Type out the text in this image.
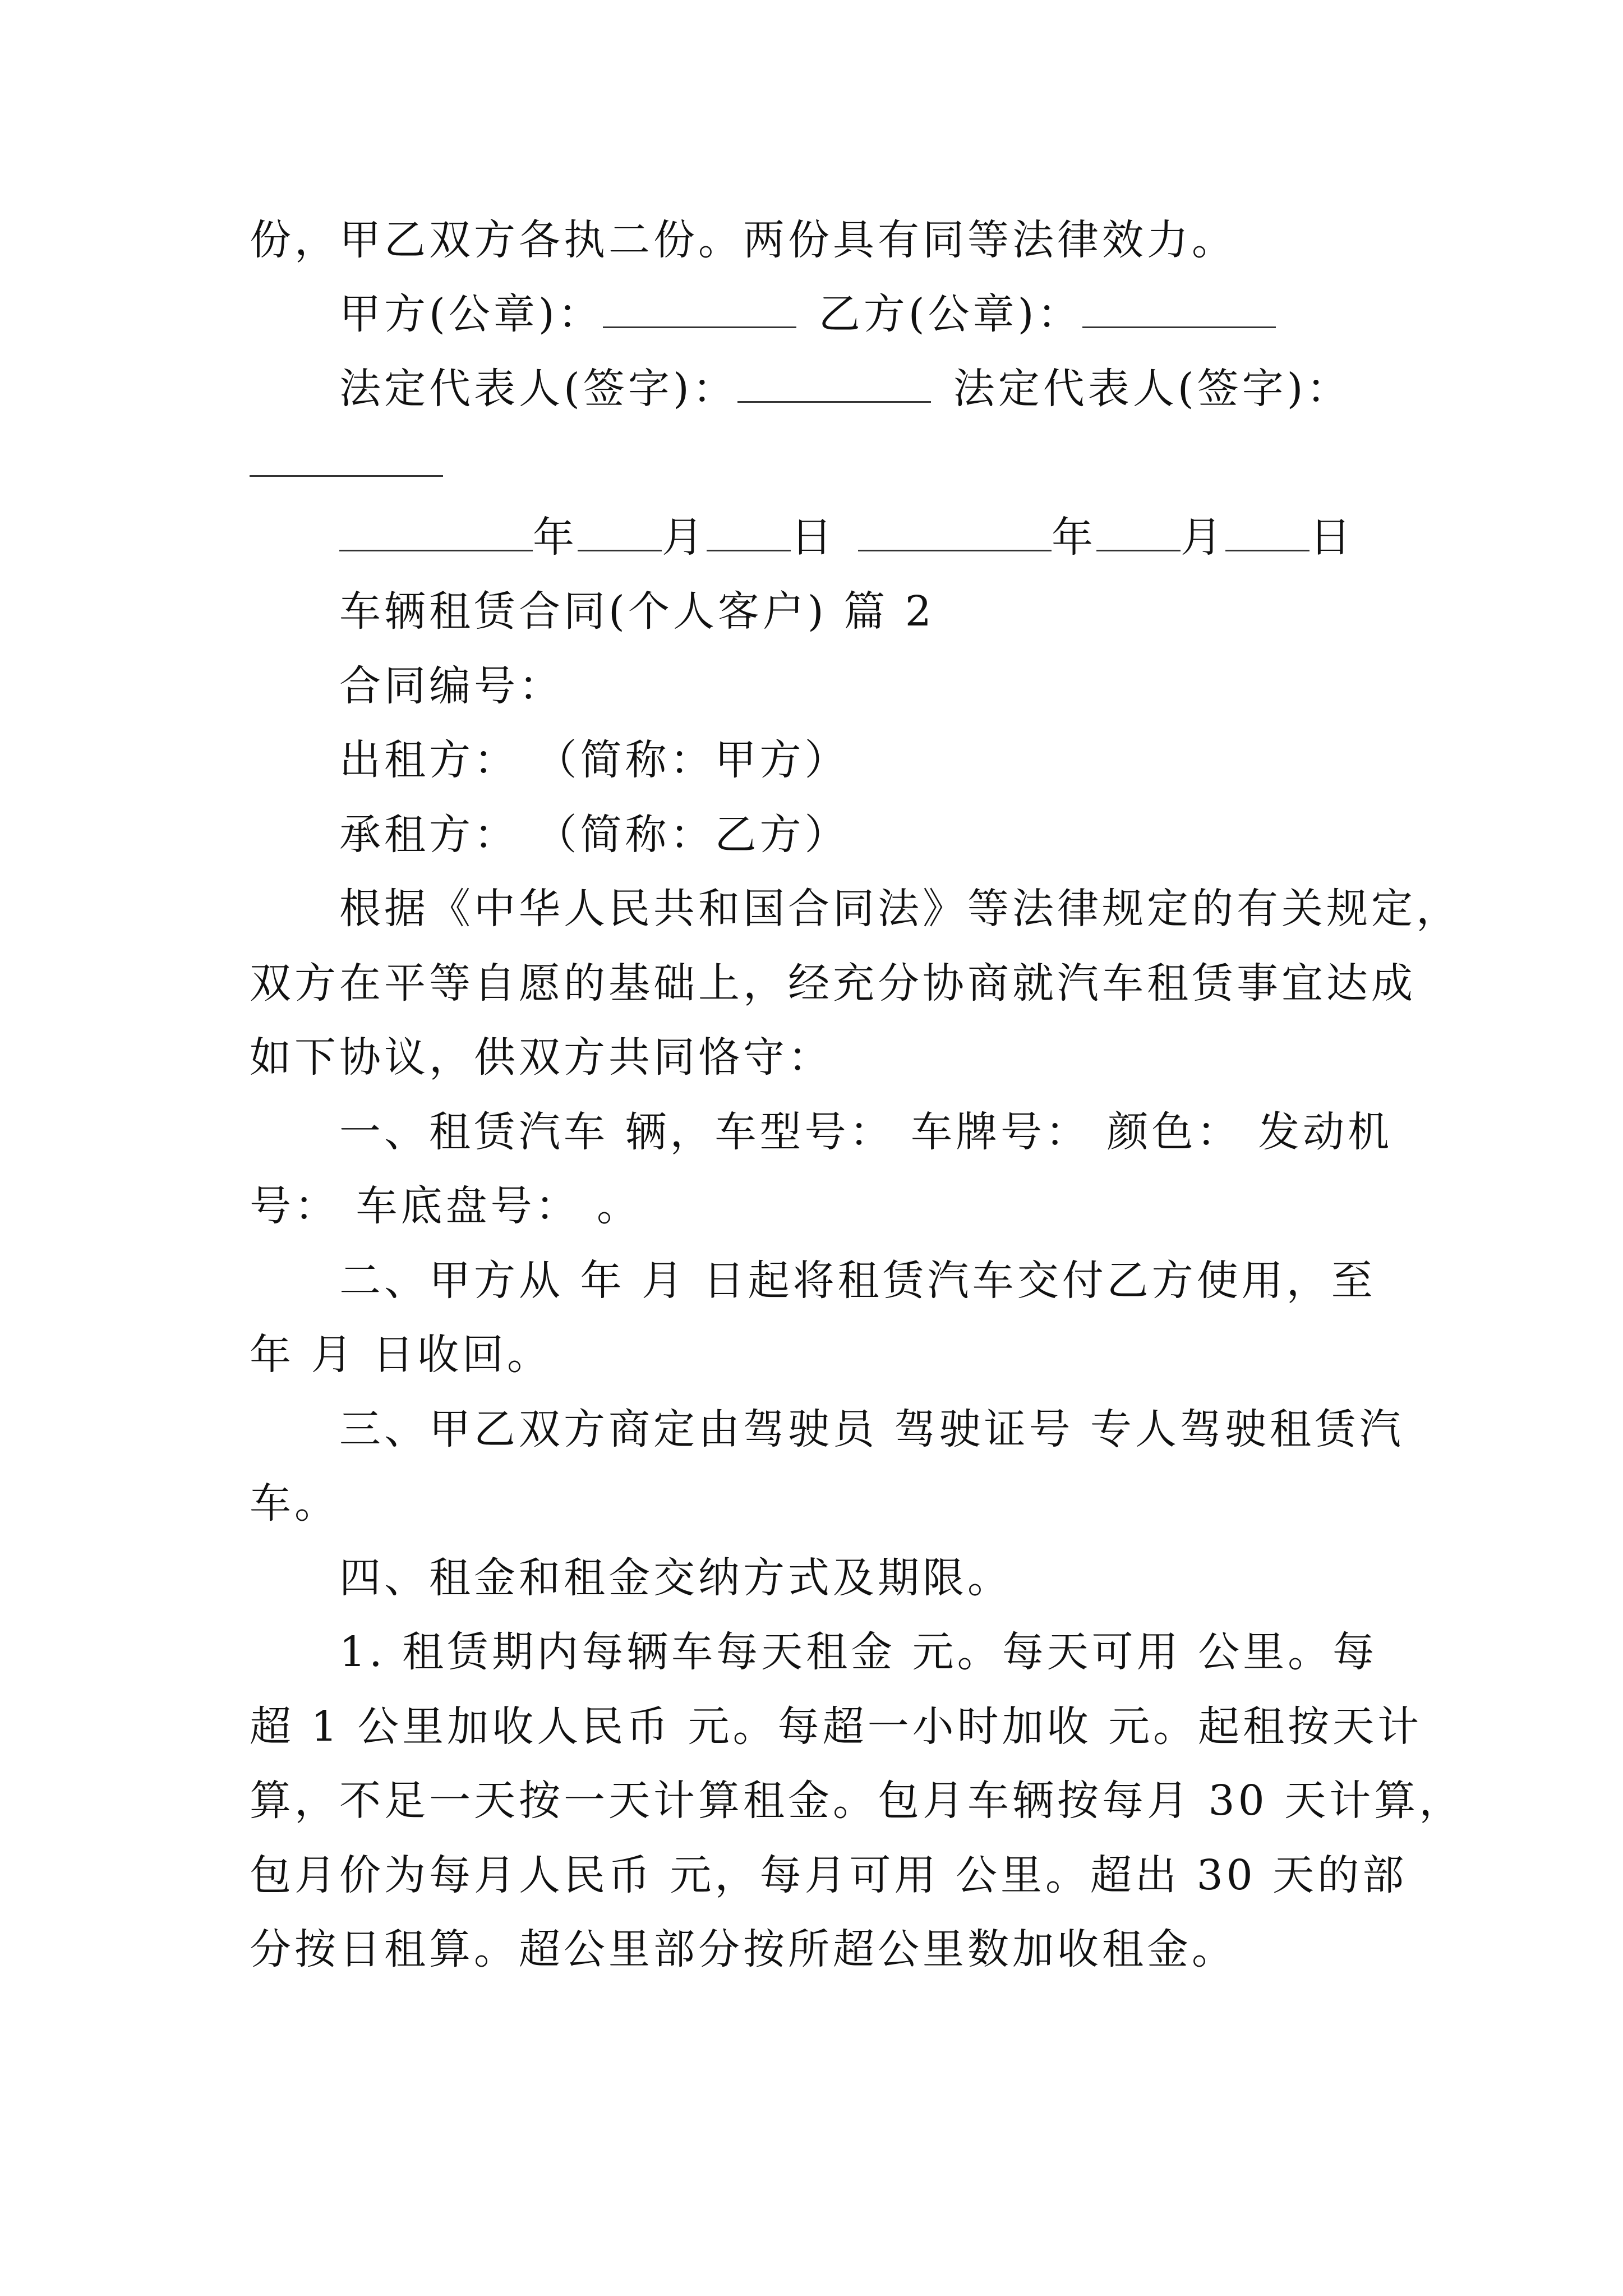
份，甲乙双方各执二份。两份具有同等法律效力。
甲方(公章)：	乙方(公章)：
法定代表人(签字)：	法定代表人(签字)：
年 月 日	年 月 日
车辆租赁合同(个人客户) 篇 2
合同编号：
出租方： （简称：甲方）
承租方： （简称：乙方）
根据《中华人民共和国合同法》等法律规定的有关规定，
双方在平等自愿的基础上，经充分协商就汽车租赁事宜达成
如下协议，供双方共同恪守：
一、租赁汽车 辆，车型号： 车牌号： 颜色： 发动机
号： 车底盘号： 。
二、甲方从 年 月 日起将租赁汽车交付乙方使用，至
年 月 日收回。
三、甲乙双方商定由驾驶员 驾驶证号 专人驾驶租赁汽
车。
四、租金和租金交纳方式及期限。
1. 租赁期内每辆车每天租金 元。每天可用 公里。每
超 1 公里加收人民币 元。每超一小时加收 元。起租按天计
算，不足一天按一天计算租金。包月车辆按每月 30 天计算，
包月价为每月人民币 元，每月可用 公里。超出 30 天的部
分按日租算。超公里部分按所超公里数加收租金。
